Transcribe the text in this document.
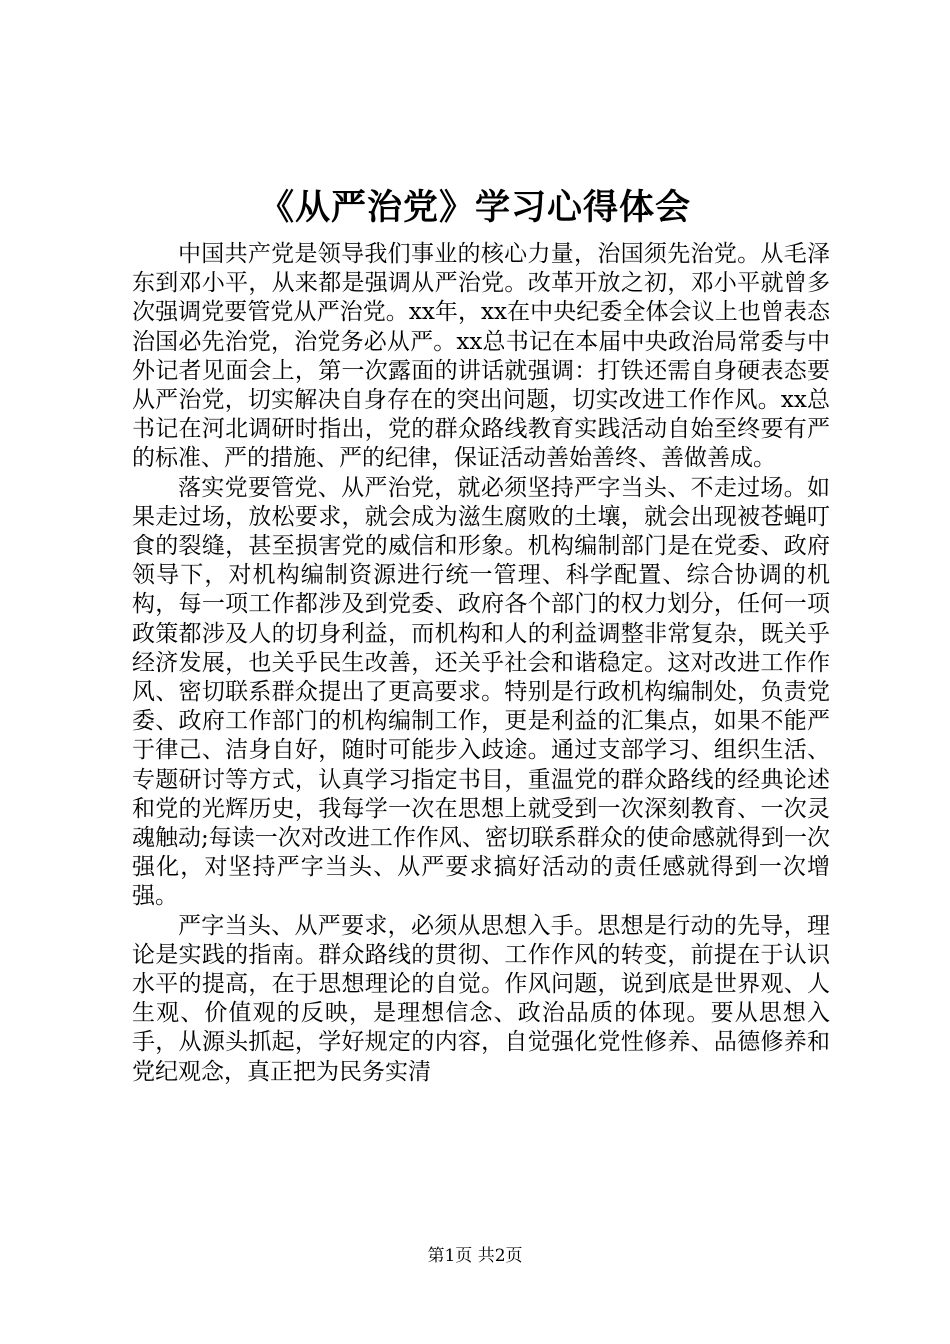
《从严治党》学习心得体会

中国共产党是领导我们事业的核心力量，治国须先治党。从毛泽东到邓小平，从来都是强调从严治党。改革开放之初，邓小平就曾多次强调党要管党从严治党。xx年，xx在中央纪委全体会议上也曾表态治国必先治党，治党务必从严。xx总书记在本届中央政治局常委与中外记者见面会上，第一次露面的讲话就强调：打铁还需自身硬表态要从严治党，切实解决自身存在的突出问题，切实改进工作作风。xx总书记在河北调研时指出，党的群众路线教育实践活动自始至终要有严的标准、严的措施、严的纪律，保证活动善始善终、善做善成。

落实党要管党、从严治党，就必须坚持严字当头、不走过场。如果走过场，放松要求，就会成为滋生腐败的土壤，就会出现被苍蝇叮食的裂缝，甚至损害党的威信和形象。机构编制部门是在党委、政府领导下，对机构编制资源进行统一管理、科学配置、综合协调的机构，每一项工作都涉及到党委、政府各个部门的权力划分，任何一项政策都涉及人的切身利益，而机构和人的利益调整非常复杂，既关乎经济发展，也关乎民生改善，还关乎社会和谐稳定。这对改进工作作风、密切联系群众提出了更高要求。特别是行政机构编制处，负责党委、政府工作部门的机构编制工作，更是利益的汇集点，如果不能严于律己、洁身自好，随时可能步入歧途。通过支部学习、组织生活、专题研讨等方式，认真学习指定书目，重温党的群众路线的经典论述和党的光辉历史，我每学一次在思想上就受到一次深刻教育、一次灵魂触动;每读一次对改进工作作风、密切联系群众的使命感就得到一次强化，对坚持严字当头、从严要求搞好活动的责任感就得到一次增强。

严字当头、从严要求，必须从思想入手。思想是行动的先导，理论是实践的指南。群众路线的贯彻、工作作风的转变，前提在于认识水平的提高，在于思想理论的自觉。作风问题，说到底是世界观、人生观、价值观的反映，是理想信念、政治品质的体现。要从思想入手，从源头抓起，学好规定的内容，自觉强化党性修养、品德修养和党纪观念，真正把为民务实清

第1页 共2页
